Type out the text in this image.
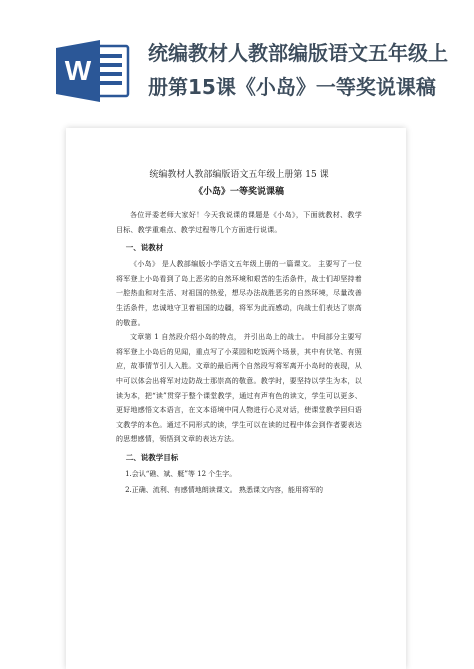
W
统编教材人教部编版语文五年级上册第15课《小岛》一等奖说课稿
统编教材人教部编版语文五年级上册第 15 课
《小岛》一等奖说课稿

各位评委老师大家好！今天我说课的课题是《小岛》，下面就教材、教学目标、教学重难点、教学过程等几个方面进行说课。

一、说教材

《小岛》 是人教部编版小学语文五年级上册的一篇课文。 主要写了一位将军登上小岛看到了岛上恶劣的自然环境和艰苦的生活条件，战士们却坚持着一腔热血和对生活、对祖国的热爱，想尽办法战胜恶劣的自然环境，尽量改善生活条件，忠诚地守卫着祖国的边疆，将军为此而感动，向战士们表达了崇高的敬意。

文章第 1 自然段介绍小岛的特点， 并引出岛上的战士。 中间部分主要写将军登上小岛后的见闻，重点写了小菜园和吃饭两个场景，其中有伏笔、有照应，故事情节引人入胜。文章的最后两个自然段写将军离开小岛时的表现，从中可以体会出将军对边防战士那崇高的敬意。教学时，要坚持以学生为本，以读为本，把“读”贯穿于整个课堂教学，通过有声有色的读文，学生可以更多、更好地感悟文本语言，在文本语境中同人物进行心灵对话，使课堂教学回归语文教学的本色。通过不同形式的读，学生可以在读的过程中体会到作者要表达的思想感情，领悟到文章的表达方法。

二、说教学目标
1.会认“礁、斌、艇”等 12 个生字。
2.正确、流利、有感情地朗读课文。 熟悉课文内容，能用将军的
